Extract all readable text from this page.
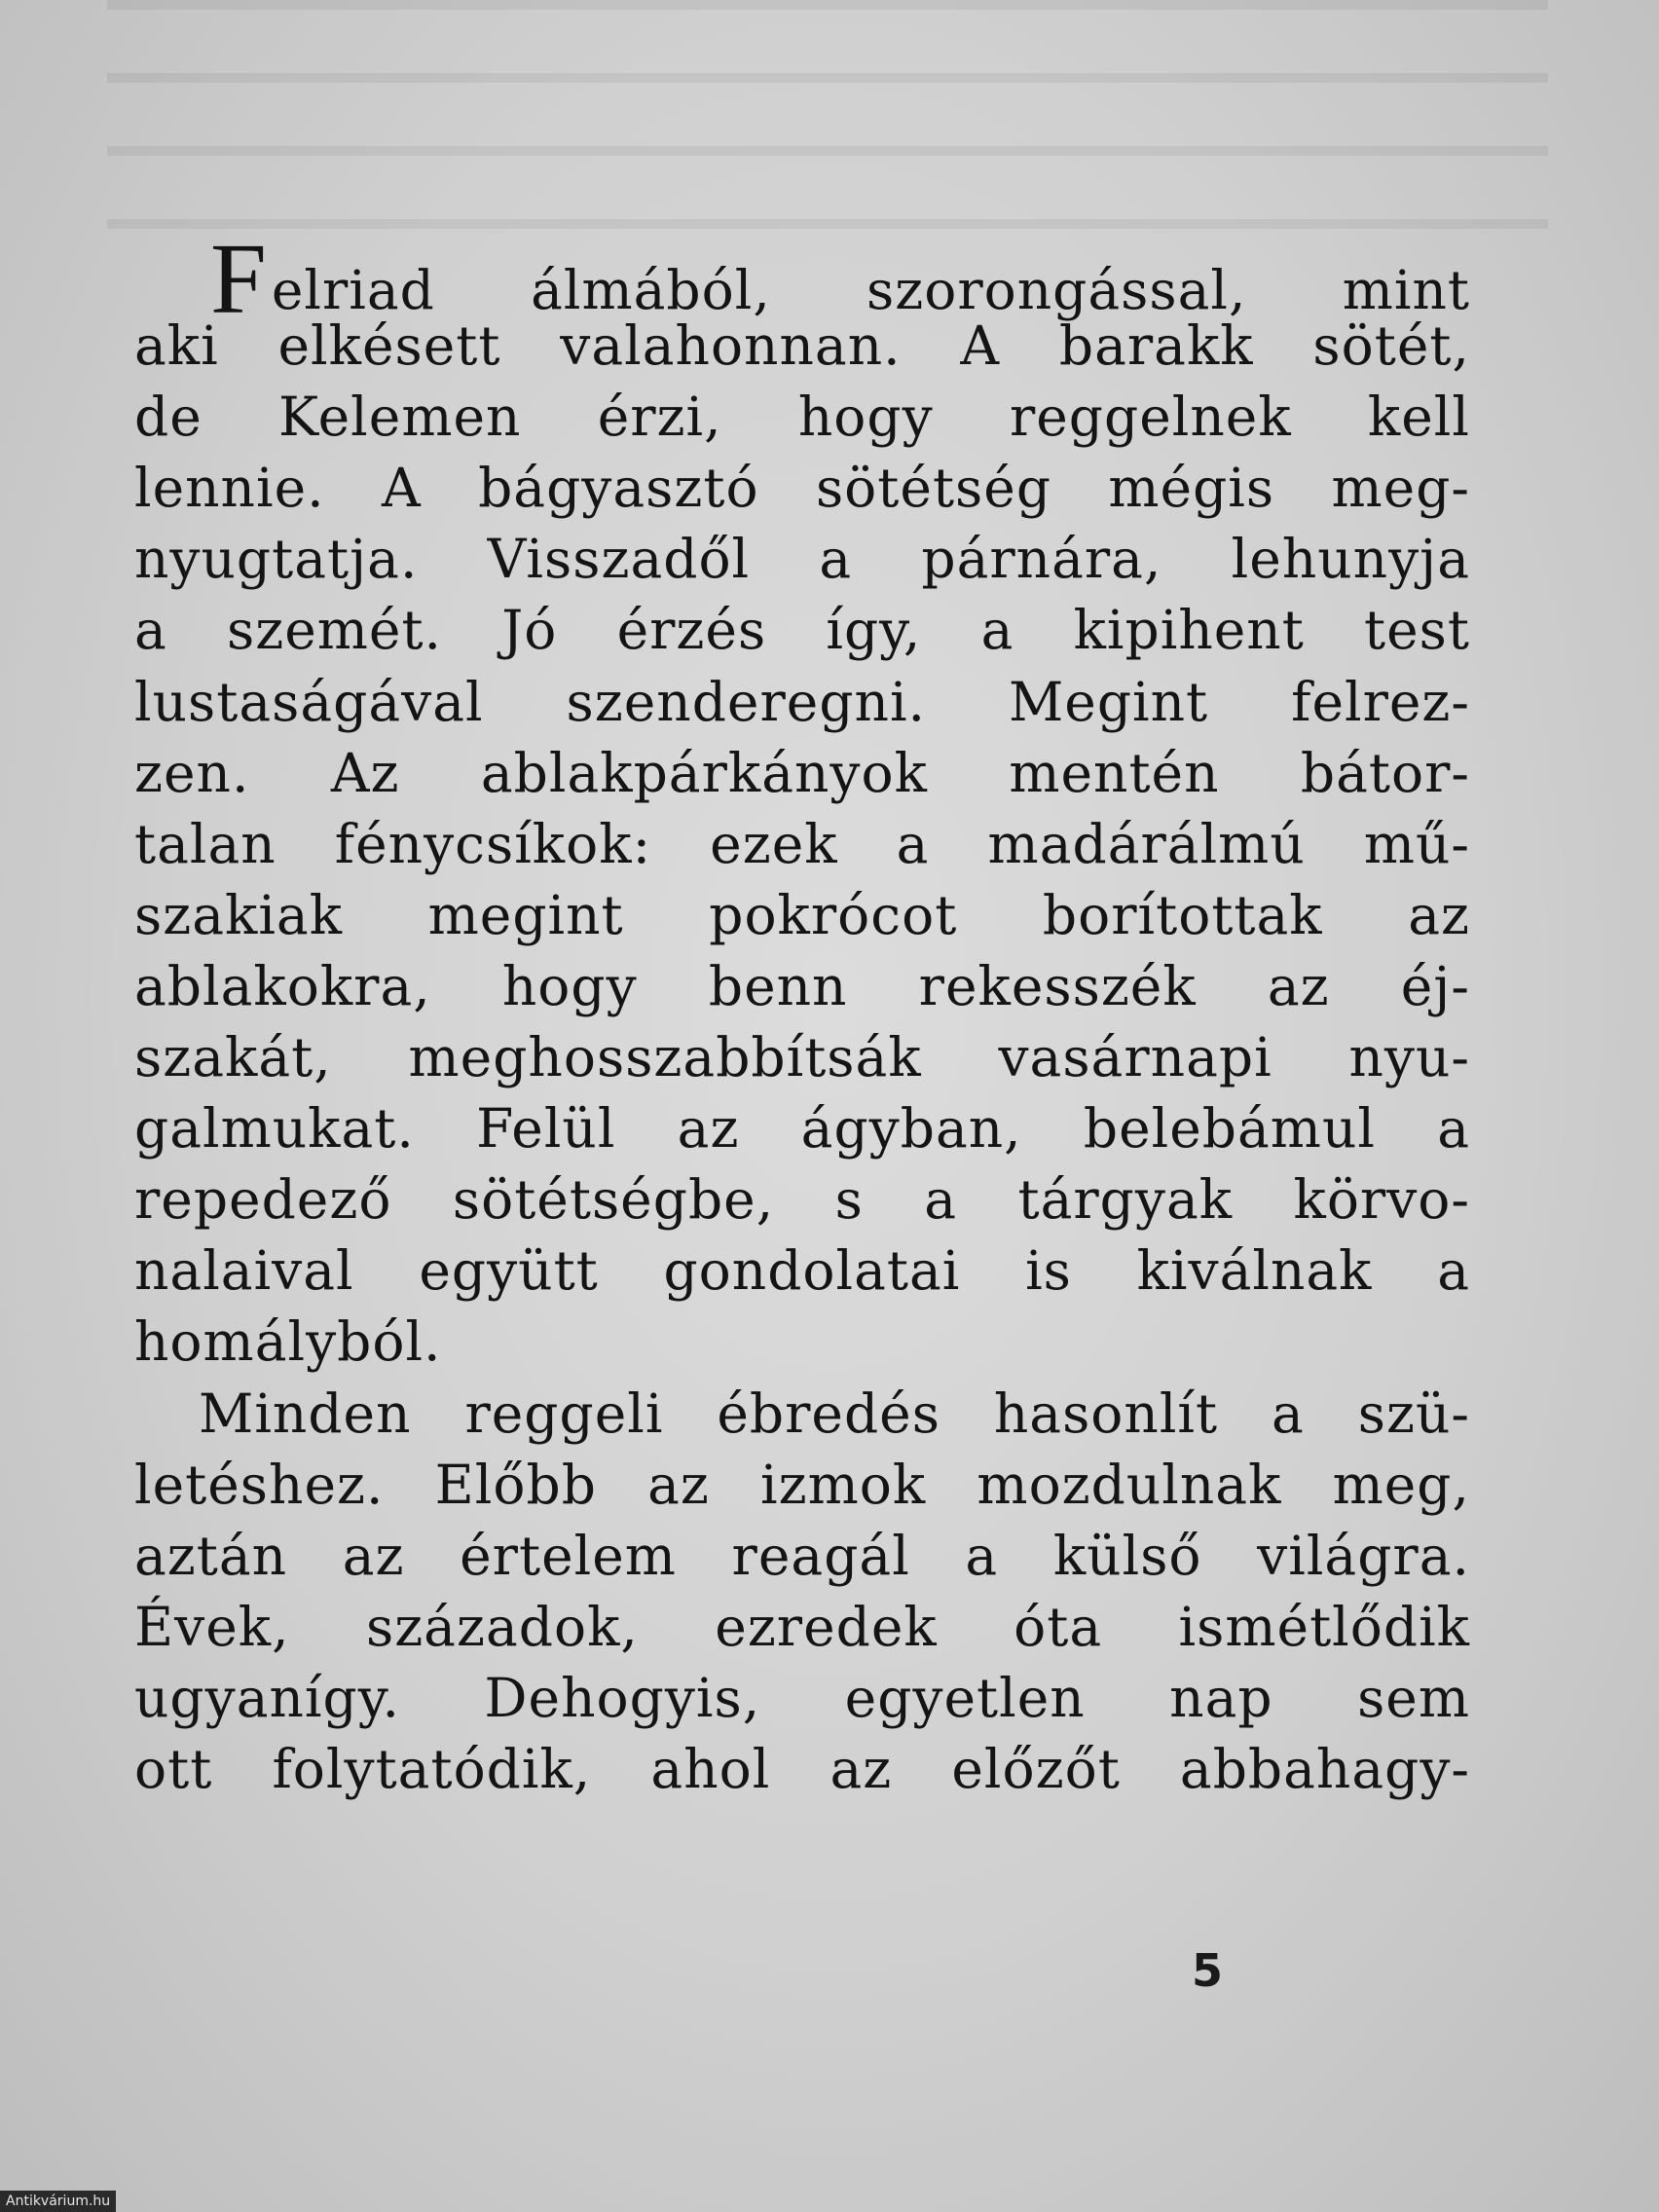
Felriad álmából, szorongással, mint
aki elkésett valahonnan. A barakk sötét,
de Kelemen érzi, hogy reggelnek kell
lennie. A bágyasztó sötétség mégis meg-
nyugtatja. Visszadől a párnára, lehunyja
a szemét. Jó érzés így, a kipihent test
lustaságával szenderegni. Megint felrez-
zen. Az ablakpárkányok mentén bátor-
talan fénycsíkok: ezek a madárálmú mű-
szakiak megint pokrócot borítottak az
ablakokra, hogy benn rekesszék az éj-
szakát, meghosszabbítsák vasárnapi nyu-
galmukat. Felül az ágyban, belebámul a
repedező sötétségbe, s a tárgyak körvo-
nalaival együtt gondolatai is kiválnak a
homályból.
Minden reggeli ébredés hasonlít a szü-
letéshez. Előbb az izmok mozdulnak meg,
aztán az értelem reagál a külső világra.
Évek, századok, ezredek óta ismétlődik
ugyanígy. Dehogyis, egyetlen nap sem
ott folytatódik, ahol az előzőt abbahagy-
5
Antikvárium.hu
